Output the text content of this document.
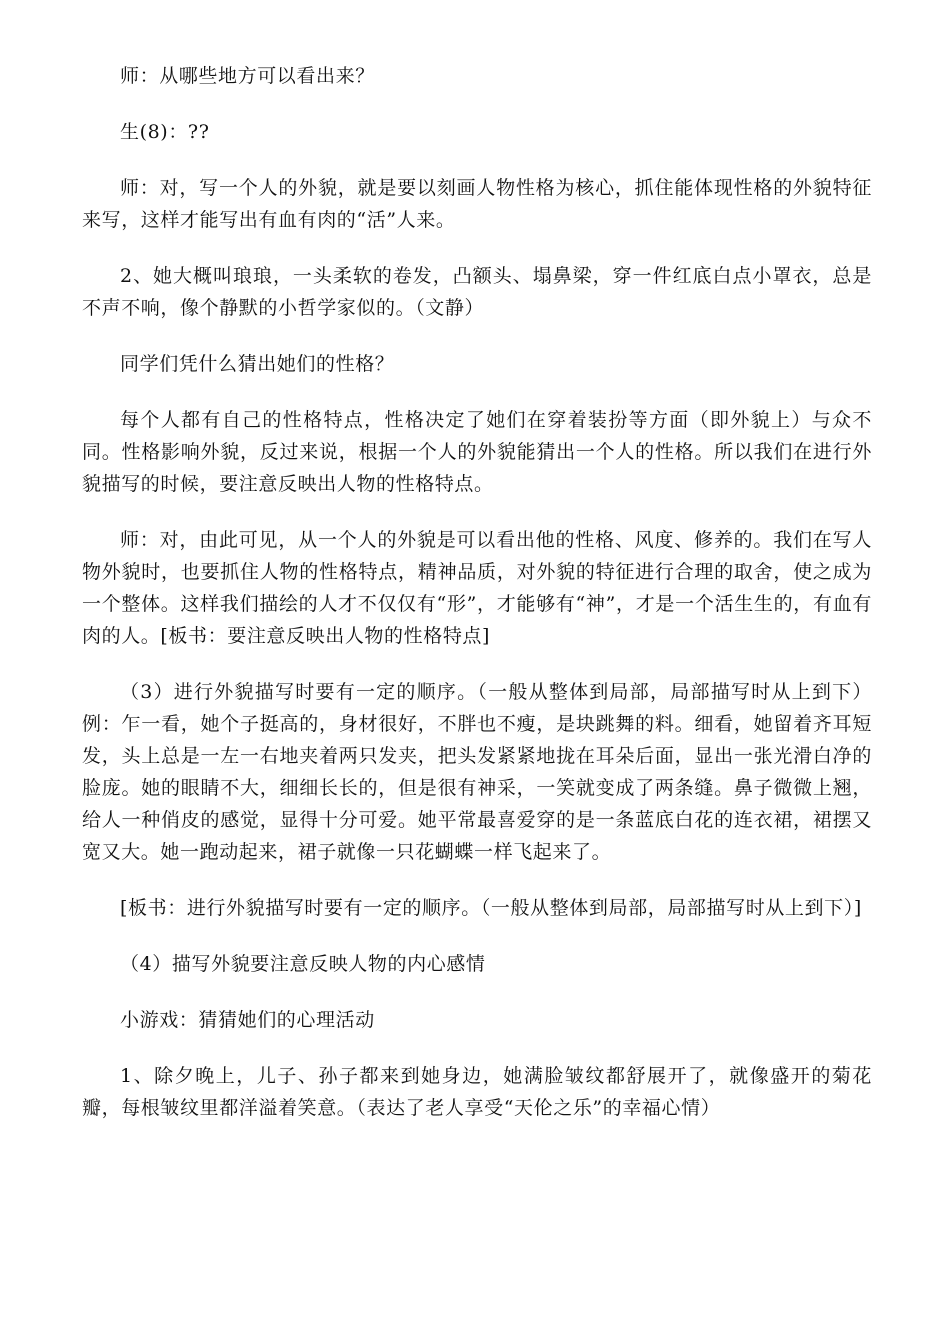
师：从哪些地方可以看出来？

生(8)：??

师：对，写一个人的外貌，就是要以刻画人物性格为核心，抓住能体现性格的外貌特征来写，这样才能写出有血有肉的“活”人来。

2、她大概叫琅琅，一头柔软的卷发，凸额头、塌鼻梁，穿一件红底白点小罩衣，总是不声不响，像个静默的小哲学家似的。（文静）

同学们凭什么猜出她们的性格？

每个人都有自己的性格特点，性格决定了她们在穿着装扮等方面（即外貌上）与众不同。性格影响外貌，反过来说，根据一个人的外貌能猜出一个人的性格。所以我们在进行外貌描写的时候，要注意反映出人物的性格特点。

师：对，由此可见，从一个人的外貌是可以看出他的性格、风度、修养的。我们在写人物外貌时，也要抓住人物的性格特点，精神品质，对外貌的特征进行合理的取舍，使之成为一个整体。这样我们描绘的人才不仅仅有“形”，才能够有“神”，才是一个活生生的，有血有肉的人。[板书：要注意反映出人物的性格特点]

（3）进行外貌描写时要有一定的顺序。（一般从整体到局部，局部描写时从上到下）例：乍一看，她个子挺高的，身材很好，不胖也不瘦，是块跳舞的料。细看，她留着齐耳短发，头上总是一左一右地夹着两只发夹，把头发紧紧地拢在耳朵后面，显出一张光滑白净的脸庞。她的眼睛不大，细细长长的，但是很有神采，一笑就变成了两条缝。鼻子微微上翘，给人一种俏皮的感觉，显得十分可爱。她平常最喜爱穿的是一条蓝底白花的连衣裙，裙摆又宽又大。她一跑动起来，裙子就像一只花蝴蝶一样飞起来了。

[板书：进行外貌描写时要有一定的顺序。（一般从整体到局部，局部描写时从上到下）]

（4）描写外貌要注意反映人物的内心感情

小游戏：猜猜她们的心理活动

1、除夕晚上，儿子、孙子都来到她身边，她满脸皱纹都舒展开了，就像盛开的菊花瓣，每根皱纹里都洋溢着笑意。（表达了老人享受“天伦之乐”的幸福心情）
